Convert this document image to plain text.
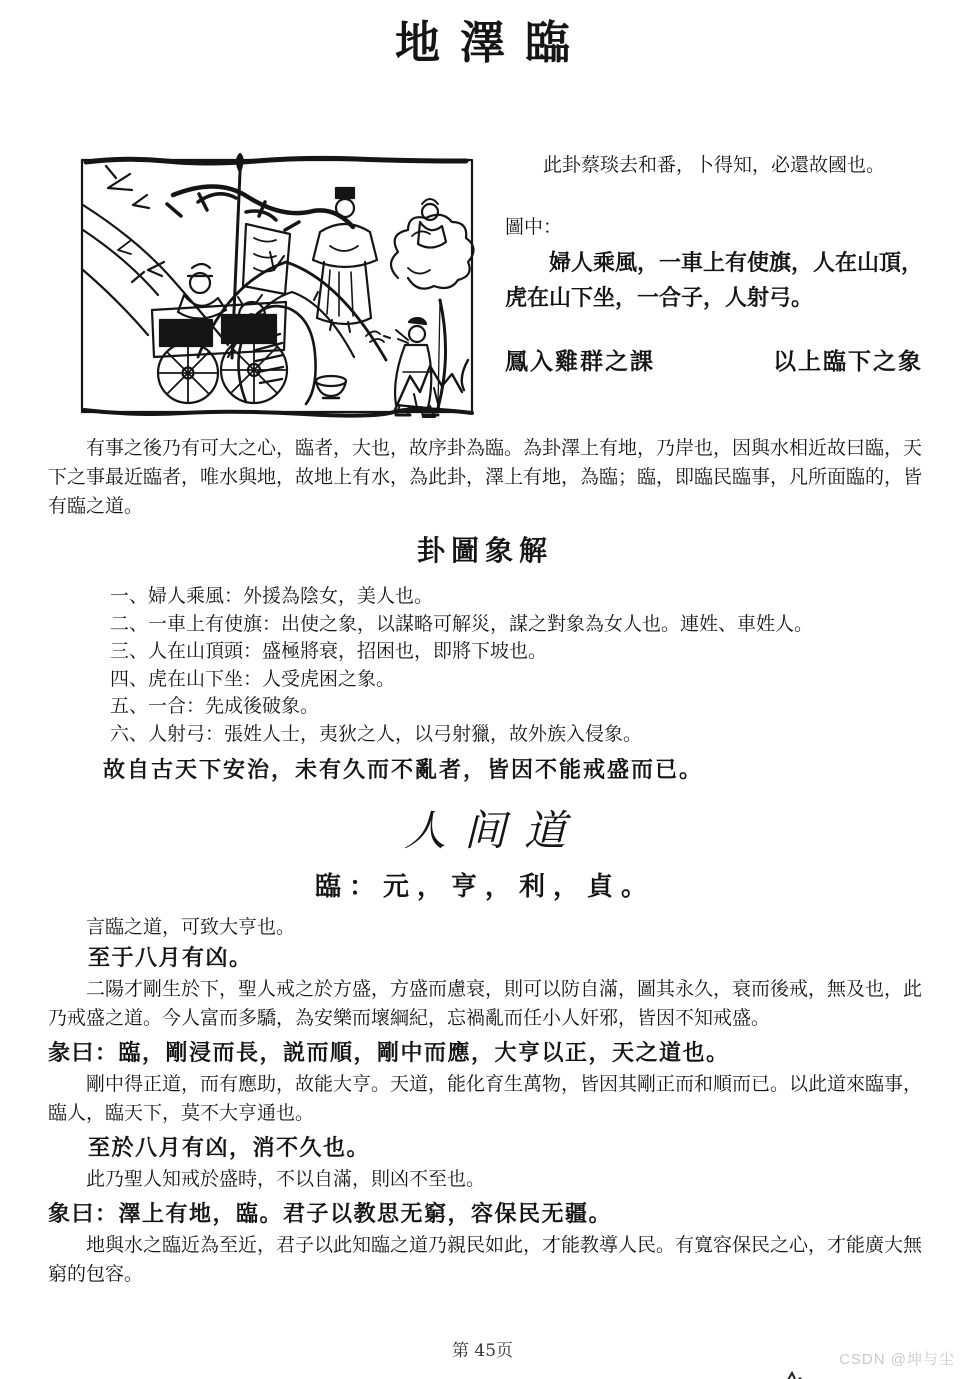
地澤臨

此卦蔡琰去和番，卜得知，必還故國也。

圖中：

婦人乘風，一車上有使旗，人在山頂，虎在山下坐，一合子，人射弓。

鳳入雞群之課	以上臨下之象

有事之後乃有可大之心，臨者，大也，故序卦為臨。為卦澤上有地，乃岸也，因與水相近故曰臨，天下之事最近臨者，唯水與地，故地上有水，為此卦，澤上有地，為臨；臨，即臨民臨事，凡所面臨的，皆有臨之道。

卦圖象解
一、婦人乘風：外援為陰女，美人也。
二、一車上有使旗：出使之象，以謀略可解災，謀之對象為女人也。連姓、車姓人。
三、人在山頂頭：盛極將衰，招困也，即將下坡也。
四、虎在山下坐：人受虎困之象。
五、一合：先成後破象。
六、人射弓：張姓人士，夷狄之人，以弓射獵，故外族入侵象。

故自古天下安治，未有久而不亂者，皆因不能戒盛而已。

人间道

臨：元，亨，利，貞。

言臨之道，可致大亨也。

至于八月有凶。

二陽才剛生於下，聖人戒之於方盛，方盛而慮衰，則可以防自滿，圖其永久，衰而後戒，無及也，此乃戒盛之道。今人富而多驕，為安樂而壞綱紀，忘禍亂而任小人奸邪，皆因不知戒盛。

彖曰：臨，剛浸而長，説而順，剛中而應，大亨以正，天之道也。

剛中得正道，而有應助，故能大亨。天道，能化育生萬物，皆因其剛正而和順而已。以此道來臨事，臨人，臨天下，莫不大亨通也。

至於八月有凶，消不久也。

此乃聖人知戒於盛時，不以自滿，則凶不至也。

象曰：澤上有地，臨。君子以教思无窮，容保民无疆。

地與水之臨近為至近，君子以此知臨之道乃親民如此，才能教導人民。有寬容保民之心，才能廣大無窮的包容。

第 45页	CSDN @坤与尘
